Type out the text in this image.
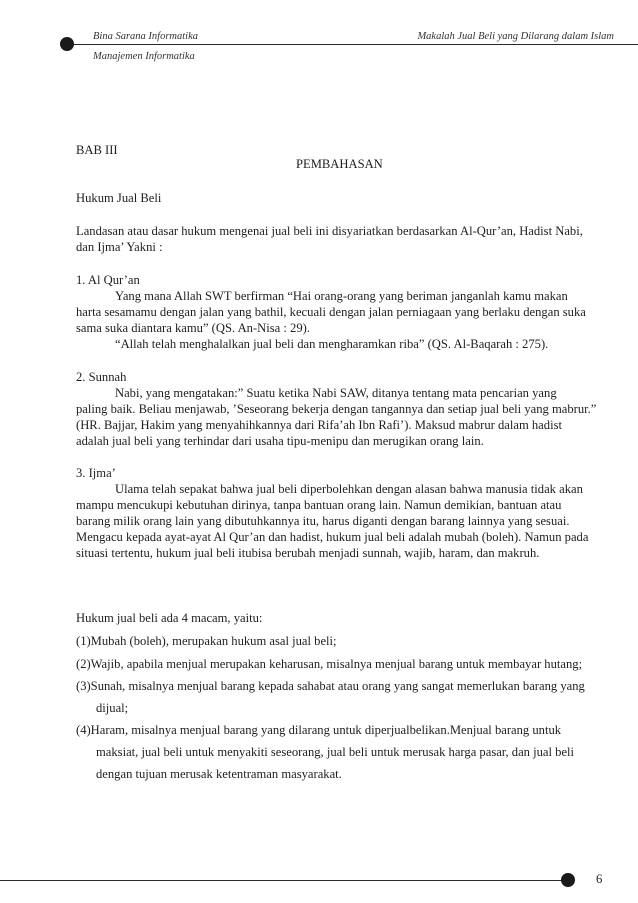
Bina Sarana Informatika
Manajemen Informatika
Makalah Jual Beli yang Dilarang dalam Islam
BAB III
PEMBAHASAN
Hukum Jual Beli
Landasan atau dasar hukum mengenai jual beli ini disyariatkan berdasarkan Al-Qur’an, Hadist Nabi,
dan Ijma’ Yakni :
1. Al Qur’an
Yang mana Allah SWT berfirman “Hai orang-orang yang beriman janganlah kamu makan
harta sesamamu dengan jalan yang bathil, kecuali dengan jalan perniagaan yang berlaku dengan suka
sama suka diantara kamu” (QS. An-Nisa : 29).
“Allah telah menghalalkan jual beli dan mengharamkan riba” (QS. Al-Baqarah : 275).
2. Sunnah
Nabi, yang mengatakan:” Suatu ketika Nabi SAW, ditanya tentang mata pencarian yang
paling baik. Beliau menjawab, ’Seseorang bekerja dengan tangannya dan setiap jual beli yang mabrur.”
(HR. Bajjar, Hakim yang menyahihkannya dari Rifa’ah Ibn Rafi’). Maksud mabrur dalam hadist
adalah jual beli yang terhindar dari usaha tipu-menipu dan merugikan orang lain.
3. Ijma’
Ulama telah sepakat bahwa jual beli diperbolehkan dengan alasan bahwa manusia tidak akan
mampu mencukupi kebutuhan dirinya, tanpa bantuan orang lain. Namun demikian, bantuan atau
barang milik orang lain yang dibutuhkannya itu, harus diganti dengan barang lainnya yang sesuai.
Mengacu kepada ayat-ayat Al Qur’an dan hadist, hukum jual beli adalah mubah (boleh). Namun pada
situasi tertentu, hukum jual beli itubisa berubah menjadi sunnah, wajib, haram, dan makruh.
Hukum jual beli ada 4 macam, yaitu:
(1)Mubah (boleh), merupakan hukum asal jual beli;
(2)Wajib, apabila menjual merupakan keharusan, misalnya menjual barang untuk membayar hutang;
(3)Sunah, misalnya menjual barang kepada sahabat atau orang yang sangat memerlukan barang yang
dijual;
(4)Haram, misalnya menjual barang yang dilarang untuk diperjualbelikan.Menjual barang untuk
maksiat, jual beli untuk menyakiti seseorang, jual beli untuk merusak harga pasar, dan jual beli
dengan tujuan merusak ketentraman masyarakat.
6
